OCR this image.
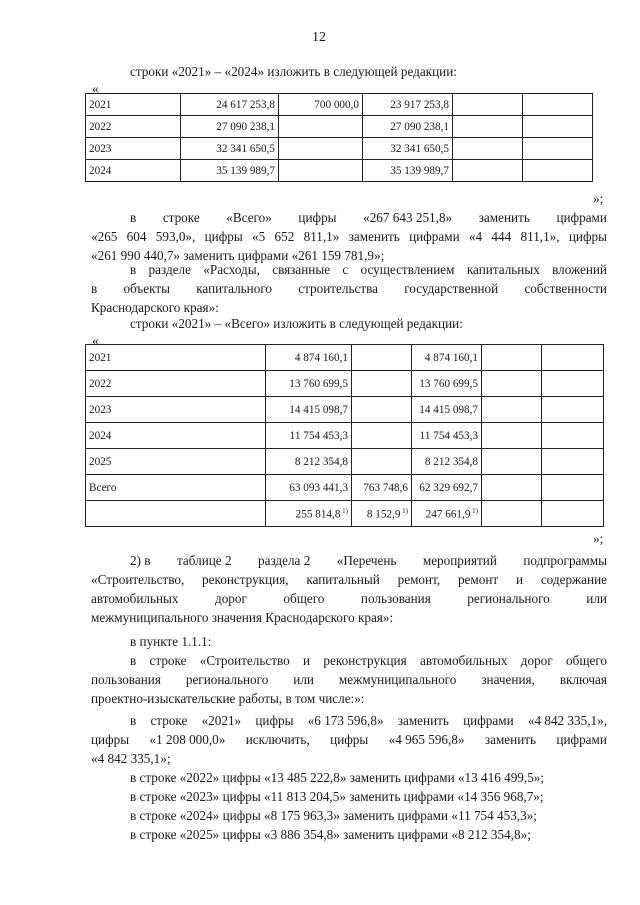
12
строки «2021» – «2024» изложить в следующей редакции:
«
2021	24 617 253,8	700 000,0	23 917 253,8		
2022	27 090 238,1		27 090 238,1		
2023	32 341 650,5		32 341 650,5		
2024	35 139 989,7		35 139 989,7		
»;
в строке «Всего» цифры «267 643 251,8» заменить цифрами
«265 604 593,0», цифры «5 652 811,1» заменить цифрами «4 444 811,1», цифры
«261 990 440,7» заменить цифрами «261 159 781,9»;
в разделе «Расходы, связанные с осуществлением капитальных вложений
в объекты капитального строительства государственной собственности
Краснодарского края»:
строки «2021» – «Всего» изложить в следующей редакции:
«
2021	4 874 160,1		4 874 160,1		
2022	13 760 699,5		13 760 699,5		
2023	14 415 098,7		14 415 098,7		
2024	11 754 453,3		11 754 453,3		
2025	8 212 354,8		8 212 354,8		
Всего	63 093 441,3	763 748,6	62 329 692,7		
	255 814,8 $^{1)}$	8 152,9 $^{1)}$	247 661,9 $^{1)}$		
»;
2) в таблице 2 раздела 2 «Перечень мероприятий подпрограммы
«Строительство, реконструкция, капитальный ремонт, ремонт и содержание
автомобильных	дорог	общего	пользования	регионального	или
межмуниципального значения Краснодарского края»:
в пункте 1.1.1:
в строке «Строительство и реконструкция автомобильных дорог общего
пользования регионального или межмуниципального значения, включая
проектно-изыскательские работы, в том числе:»:
в строке «2021» цифры «6 173 596,8» заменить цифрами «4 842 335,1»,
цифры «1 208 000,0» исключить, цифры «4 965 596,8» заменить цифрами
«4 842 335,1»;
в строке «2022» цифры «13 485 222,8» заменить цифрами «13 416 499,5»;
в строке «2023» цифры «11 813 204,5» заменить цифрами «14 356 968,7»;
в строке «2024» цифры «8 175 963,3» заменить цифрами «11 754 453,3»;
в строке «2025» цифры «3 886 354,8» заменить цифрами «8 212 354,8»;
